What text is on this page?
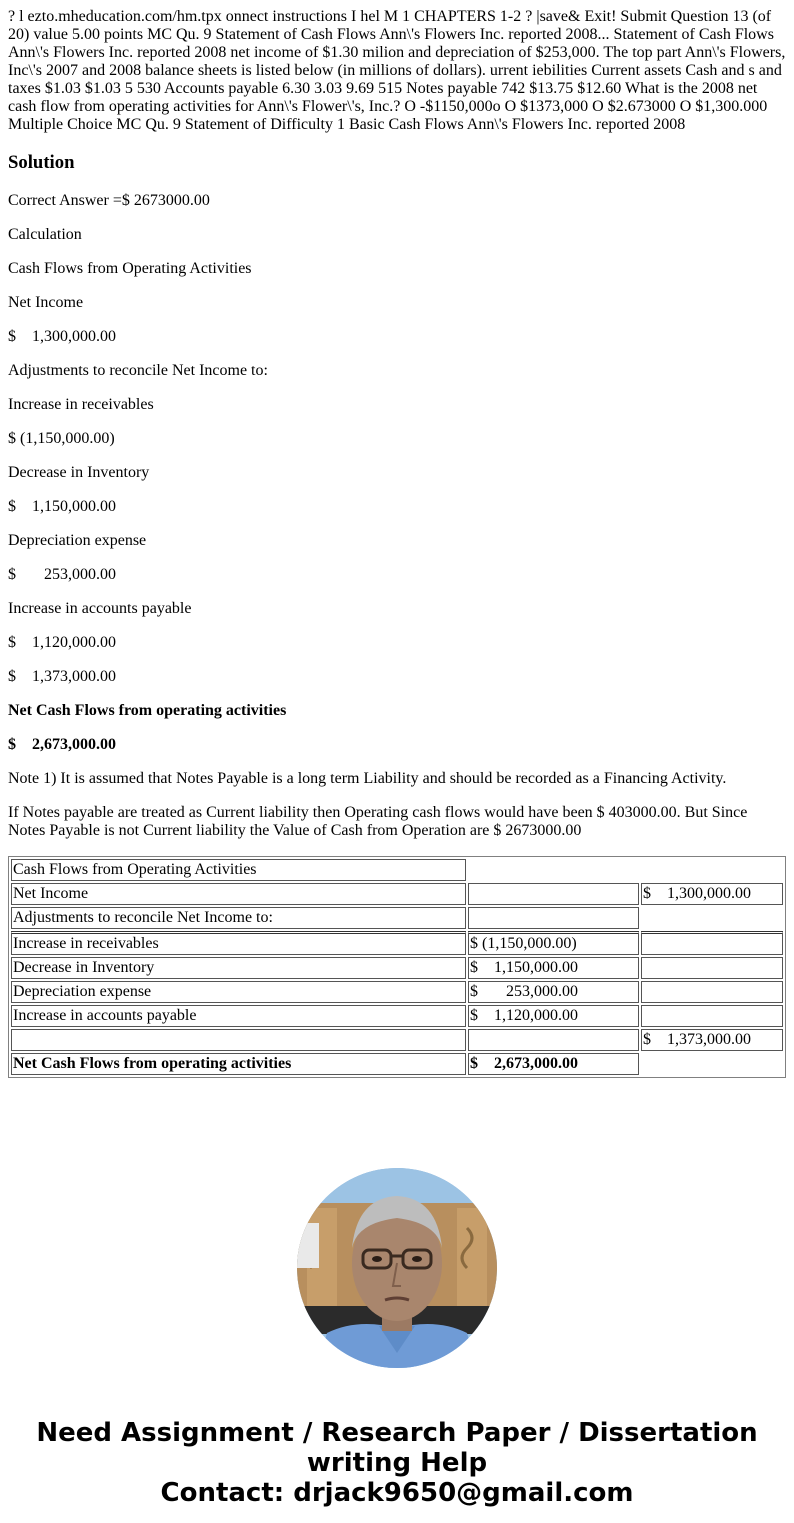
? l ezto.mheducation.com/hm.tpx onnect instructions I hel M 1 CHAPTERS 1-2 ? |save& Exit! Submit Question 13 (of 20) value 5.00 points MC Qu. 9 Statement of Cash Flows Ann\'s Flowers Inc. reported 2008... Statement of Cash Flows Ann\'s Flowers Inc. reported 2008 net income of $1.30 milion and depreciation of $253,000. The top part Ann\'s Flowers, Inc\'s 2007 and 2008 balance sheets is listed below (in millions of dollars). urrent iebilities Current assets Cash and s and taxes $1.03 $1.03 5 530 Accounts payable 6.30 3.03 9.69 515 Notes payable 742 $13.75 $12.60 What is the 2008 net cash flow from operating activities for Ann\'s Flower\'s, Inc.? O -$1150,000o O $1373,000 O $2.673000 O $1,300.000 Multiple Choice MC Qu. 9 Statement of Difficulty 1 Basic Cash Flows Ann\'s Flowers Inc. reported 2008
Solution

Correct Answer =$ 2673000.00

Calculation

Cash Flows from Operating Activities

Net Income

$    1,300,000.00

Adjustments to reconcile Net Income to:

Increase in receivables

$ (1,150,000.00)

Decrease in Inventory

$    1,150,000.00

Depreciation expense

$       253,000.00

Increase in accounts payable

$    1,120,000.00

$    1,373,000.00

Net Cash Flows from operating activities

$    2,673,000.00

Note 1) It is assumed that Notes Payable is a long term Liability and should be recorded as a Financing Activity.

If Notes payable are treated as Current liability then Operating cash flows would have been $ 403000.00. But Since Notes Payable is not Current liability the Value of Cash from Operation are $ 2673000.00

Cash Flows from Operating Activities		
Net Income		$    1,300,000.00
Adjustments to reconcile Net Income to:		
Increase in receivables	$ (1,150,000.00)	
Decrease in Inventory	$    1,150,000.00	
Depreciation expense	$       253,000.00	
Increase in accounts payable	$    1,120,000.00	
		$    1,373,000.00
Net Cash Flows from operating activities	$    2,673,000.00	
Need Assignment / Research Paper / Dissertation
writing Help
Contact: drjack9650@gmail.com
